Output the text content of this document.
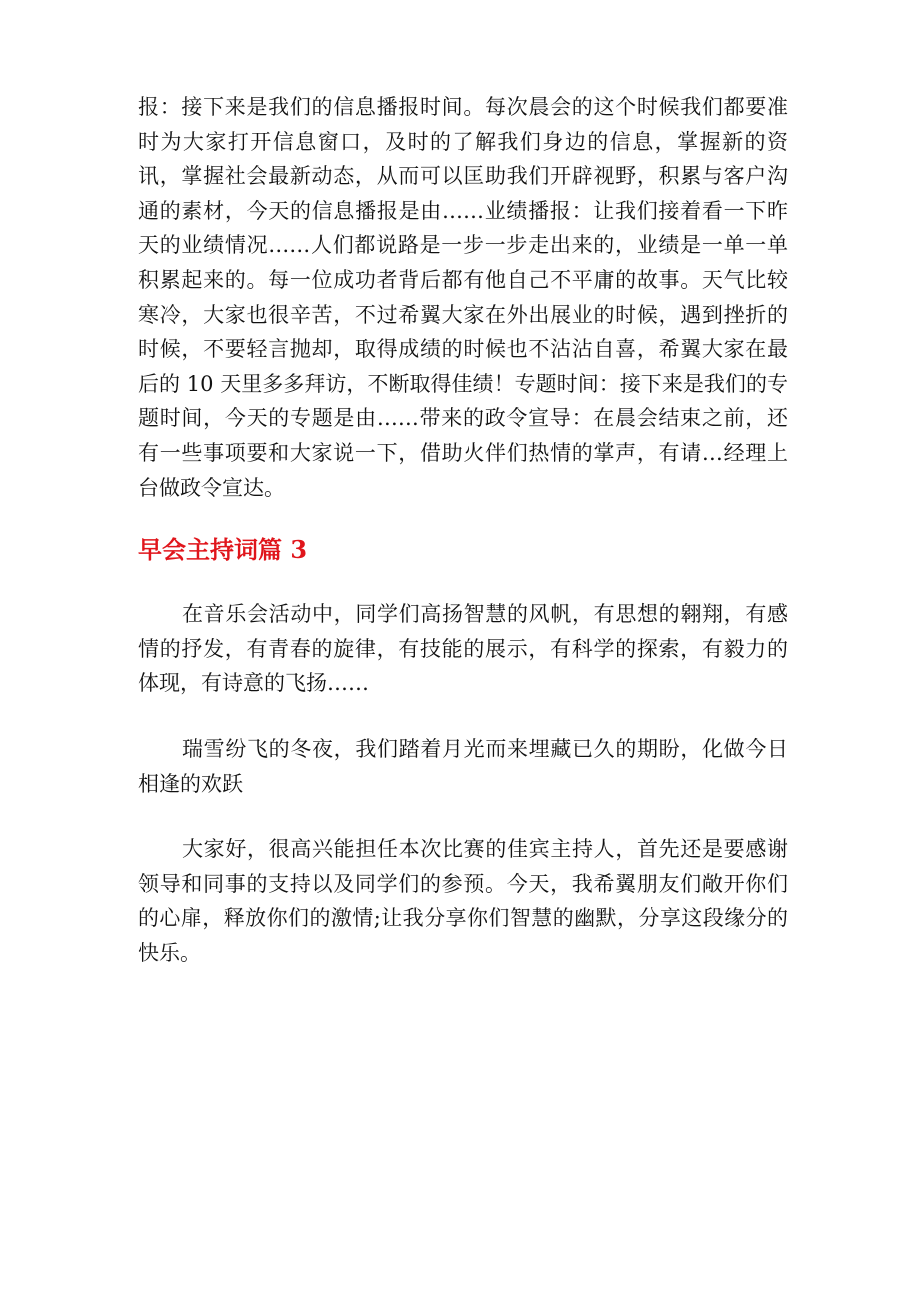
报：接下来是我们的信息播报时间。每次晨会的这个时候我们都要准时为大家打开信息窗口，及时的了解我们身边的信息，掌握新的资讯，掌握社会最新动态，从而可以匡助我们开辟视野，积累与客户沟通的素材，今天的信息播报是由……业绩播报：让我们接着看一下昨天的业绩情况……人们都说路是一步一步走出来的，业绩是一单一单积累起来的。每一位成功者背后都有他自己不平庸的故事。天气比较寒冷，大家也很辛苦，不过希翼大家在外出展业的时候，遇到挫折的时候，不要轻言抛却，取得成绩的时候也不沾沾自喜，希翼大家在最后的 10 天里多多拜访，不断取得佳绩！专题时间：接下来是我们的专题时间，今天的专题是由……带来的政令宣导：在晨会结束之前，还有一些事项要和大家说一下，借助火伴们热情的掌声，有请…经理上台做政令宣达。

早会主持词篇 3

在音乐会活动中，同学们高扬智慧的风帆，有思想的翱翔，有感情的抒发，有青春的旋律，有技能的展示，有科学的探索，有毅力的体现，有诗意的飞扬……

瑞雪纷飞的冬夜，我们踏着月光而来埋藏已久的期盼，化做今日相逢的欢跃

大家好，很高兴能担任本次比赛的佳宾主持人，首先还是要感谢领导和同事的支持以及同学们的参预。今天，我希翼朋友们敞开你们的心扉，释放你们的激情;让我分享你们智慧的幽默，分享这段缘分的快乐。
